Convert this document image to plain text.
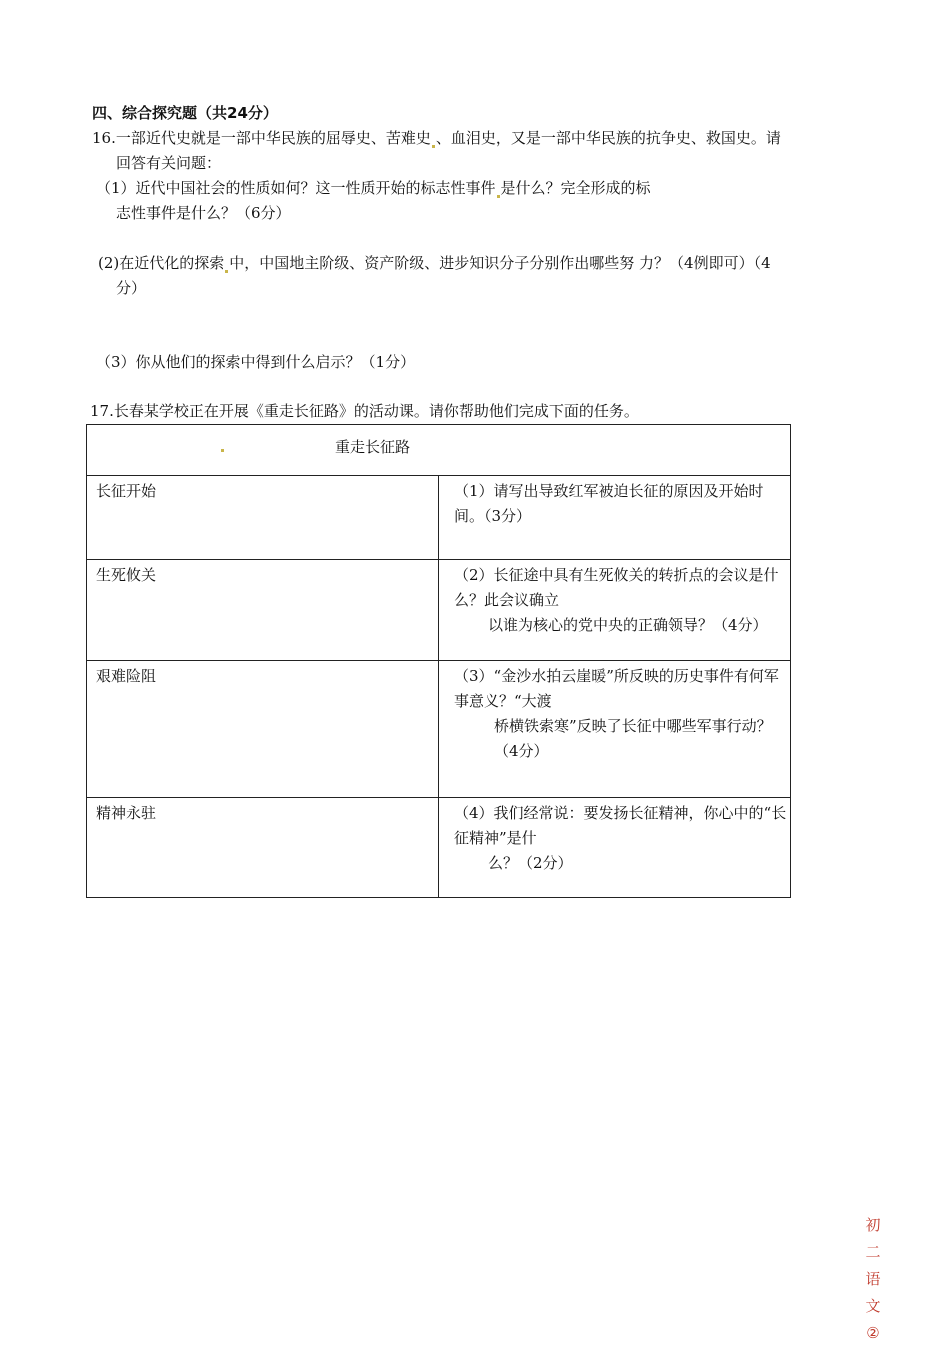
四、综合探究题（共24分）
16.一部近代史就是一部中华民族的屈辱史、苦难史 、血泪史，又是一部中华民族的抗争史、救国史。请
回答有关问题：
（1）近代中国社会的性质如何？这一性质开始的标志性事件 是什么？完全形成的标
志性事件是什么？（6分）
(2)在近代化的探索 中，中国地主阶级、资产阶级、进步知识分子分别作出哪些努 力？（4例即可）（4
分）
（3）你从他们的探索中得到什么启示？（1分）
17.长春某学校正在开展《重走长征路》的活动课。请你帮助他们完成下面的任务。
重走长征路	

长征开始	（1）请写出导致红军被迫长征的原因及开始时间。（3分）

生死攸关	（2）长征途中具有生死攸关的转折点的会议是什么？此会议确立
以谁为核心的党中央的正确领导？（4分）

艰难险阻	（3）“金沙水拍云崖暖”所反映的历史事件有何军事意义？“大渡
桥横铁索寒”反映了长征中哪些军事行动？（4分）

精神永驻	（4）我们经常说：要发扬长征精神，你心中的“长征精神”是什
么？（2分）
初
二
语
文
②
